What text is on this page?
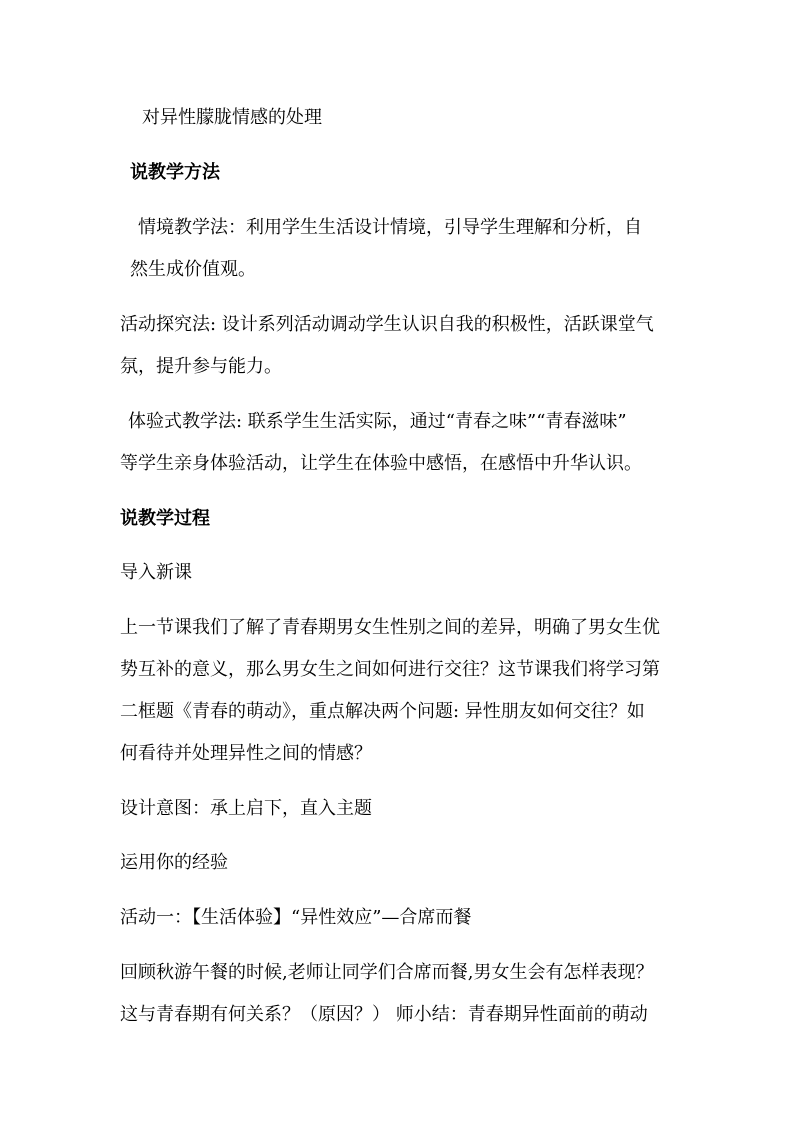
对异性朦胧情感的处理
说教学方法
情境教学法：利用学生生活设计情境，引导学生理解和分析，自
然生成价值观。
活动探究法: 设计系列活动调动学生认识自我的积极性，活跃课堂气
氛，提升参与能力。
体验式教学法: 联系学生生活实际，通过“青春之味”“青春滋味”
等学生亲身体验活动，让学生在体验中感悟，在感悟中升华认识。
说教学过程
导入新课
上一节课我们了解了青春期男女生性别之间的差异，明确了男女生优
势互补的意义，那么男女生之间如何进行交往？这节课我们将学习第
二框题《青春的萌动》，重点解决两个问题: 异性朋友如何交往？如
何看待并处理异性之间的情感？
设计意图：承上启下，直入主题
运用你的经验
活动一：【生活体验】“异性效应”—合席而餐
回顾秋游午餐的时候,老师让同学们合席而餐,男女生会有怎样表现？
这与青春期有何关系？（原因？） 师小结：青春期异性面前的萌动
